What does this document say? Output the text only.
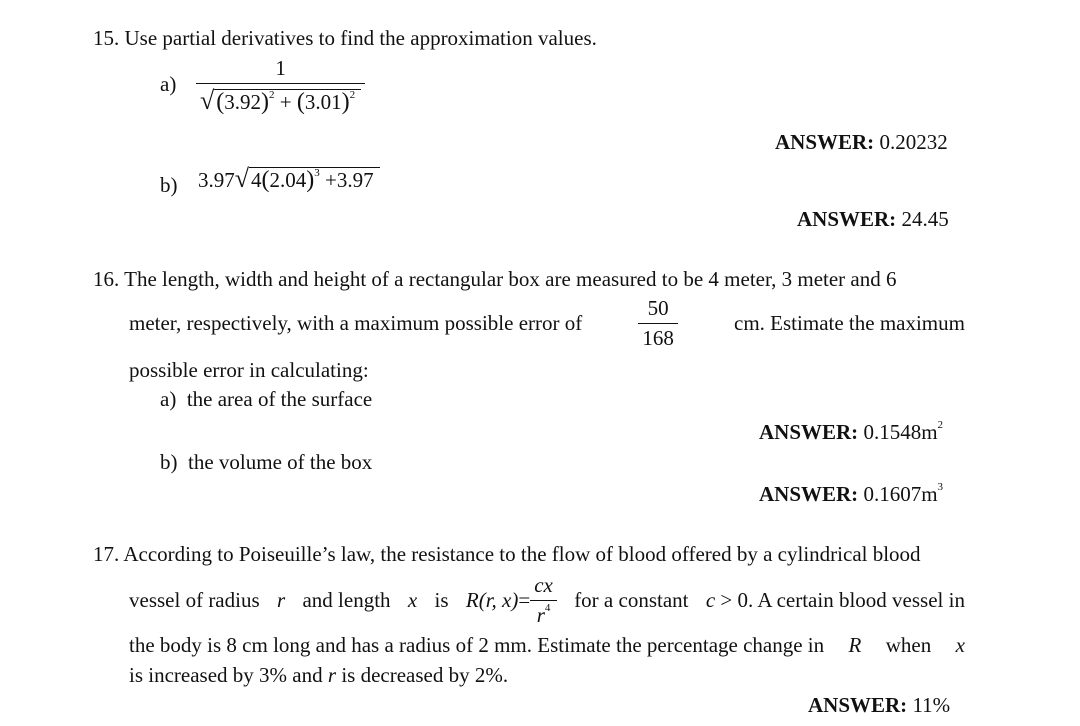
15. Use partial derivatives to find the approximation values.
$a) \frac{1}{√(3.92)^2 + (3.01)^2}$
ANSWER: 0.20232
b) $3.97√4(2.04)^3 +3.97$
ANSWER: 24.45
16. The length, width and height of a rectangular box are measured to be 4 meter, 3 meter and 6
meter, respectively, with a maximum possible error of	$\frac{50}{168}$	cm. Estimate the maximum
possible error in calculating:
a) the area of the surface
ANSWER: $0.1548m^2$
b) the volume of the box
ANSWER: $0.1607m^3$
17. According to Poiseuille’s law, the resistance to the flow of blood offered by a cylindrical blood
vessel of radius r and length x is R (r, $x) = \frac{cx}{r^4}$ for a constant c > 0. A certain blood vessel in
the body is 8 cm long and has a radius of 2 mm. Estimate the percentage change in R when x
is increased by 3% and r is decreased by 2%.
ANSWER: 11%
